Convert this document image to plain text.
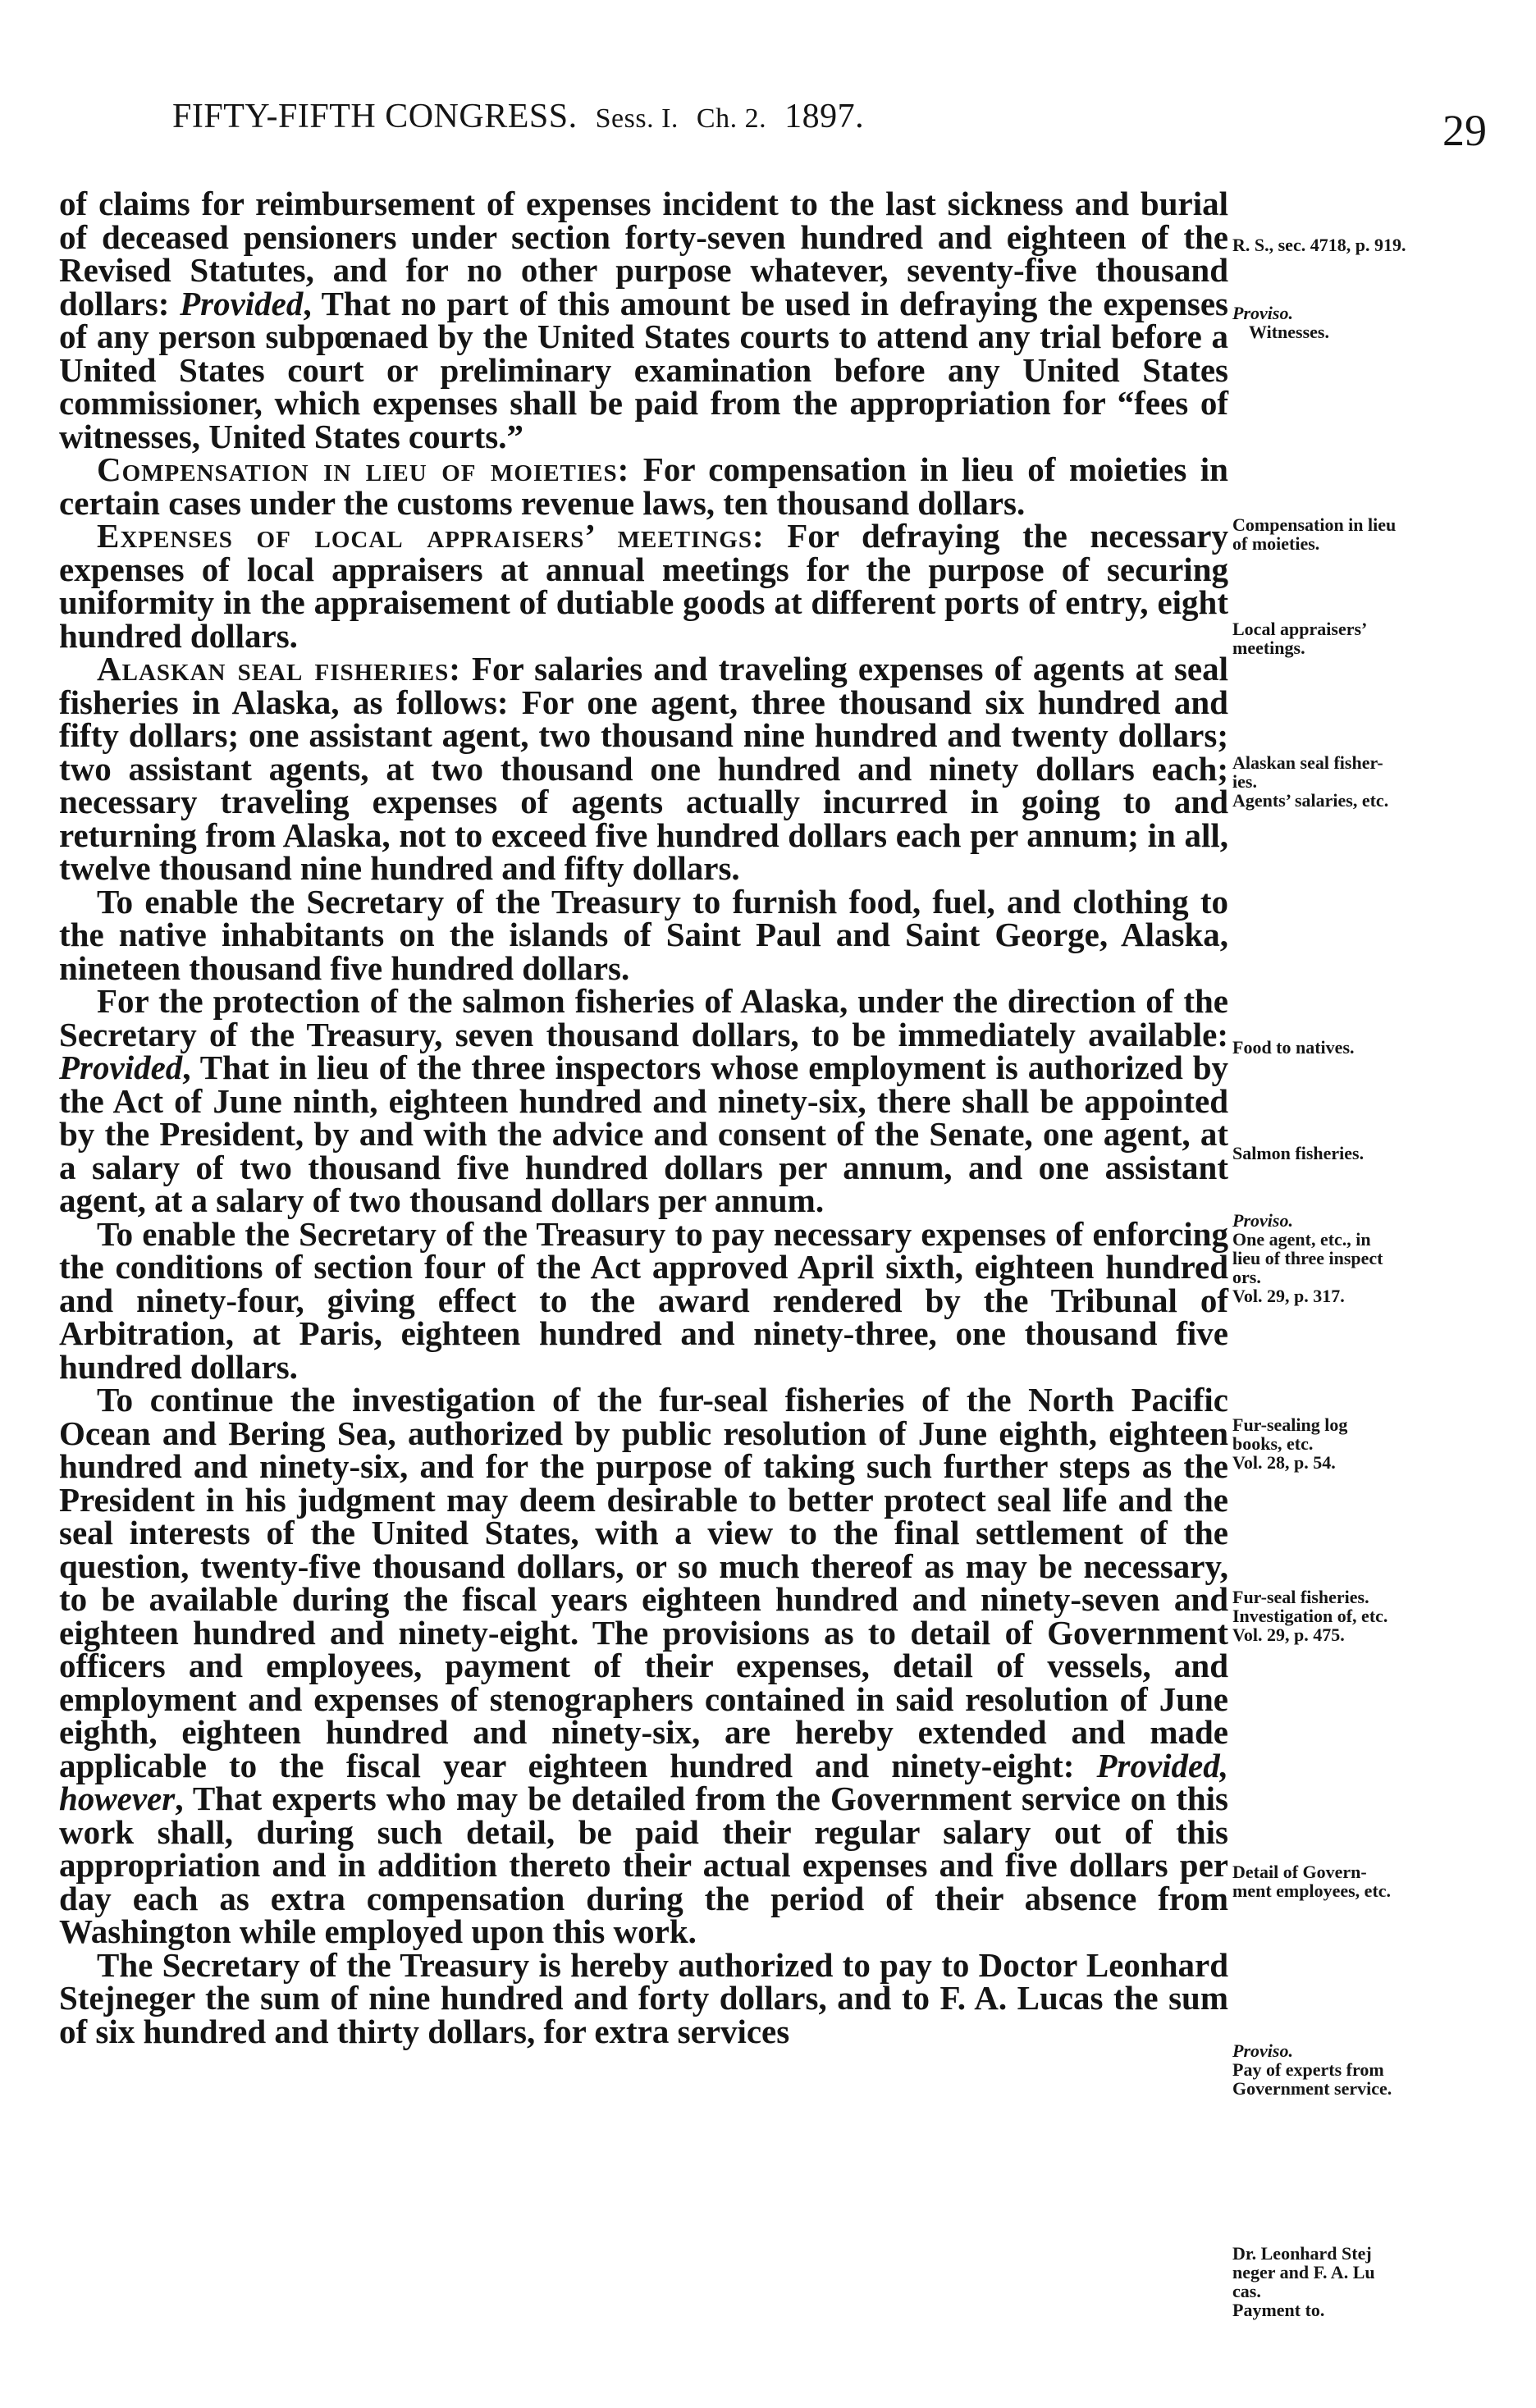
FIFTY-FIFTH CONGRESS. Sess. I. Ch. 2. 1897.	29

of claims for reimbursement of expenses incident to the last sickness and burial of deceased pensioners under section forty-seven hundred and eighteen of the Revised Statutes, and for no other purpose whatever, seventy-five thousand dollars: Provided, That no part of this amount be used in defraying the expenses of any person subpœnaed by the United States courts to attend any trial before a United States court or preliminary examination before any United States commissioner, which expenses shall be paid from the appropriation for “fees of witnesses, United States courts.”

Compensation in lieu of moieties: For compensation in lieu of moieties in certain cases under the customs revenue laws, ten thousand dollars.

Expenses of local appraisers’ meetings: For defraying the necessary expenses of local appraisers at annual meetings for the purpose of securing uniformity in the appraisement of dutiable goods at different ports of entry, eight hundred dollars.

Alaskan seal fisheries: For salaries and traveling expenses of agents at seal fisheries in Alaska, as follows: For one agent, three thousand six hundred and fifty dollars; one assistant agent, two thousand nine hundred and twenty dollars; two assistant agents, at two thousand one hundred and ninety dollars each; necessary traveling expenses of agents actually incurred in going to and returning from Alaska, not to exceed five hundred dollars each per annum; in all, twelve thousand nine hundred and fifty dollars.

To enable the Secretary of the Treasury to furnish food, fuel, and clothing to the native inhabitants on the islands of Saint Paul and Saint George, Alaska, nineteen thousand five hundred dollars.

For the protection of the salmon fisheries of Alaska, under the direction of the Secretary of the Treasury, seven thousand dollars, to be immediately available: Provided, That in lieu of the three inspectors whose employment is authorized by the Act of June ninth, eighteen hundred and ninety-six, there shall be appointed by the President, by and with the advice and consent of the Senate, one agent, at a salary of two thousand five hundred dollars per annum, and one assistant agent, at a salary of two thousand dollars per annum.

To enable the Secretary of the Treasury to pay necessary expenses of enforcing the conditions of section four of the Act approved April sixth, eighteen hundred and ninety-four, giving effect to the award rendered by the Tribunal of Arbitration, at Paris, eighteen hundred and ninety-three, one thousand five hundred dollars.

To continue the investigation of the fur-seal fisheries of the North Pacific Ocean and Bering Sea, authorized by public resolution of June eighth, eighteen hundred and ninety-six, and for the purpose of taking such further steps as the President in his judgment may deem desirable to better protect seal life and the seal interests of the United States, with a view to the final settlement of the question, twenty-five thousand dollars, or so much thereof as may be necessary, to be available during the fiscal years eighteen hundred and ninety-seven and eighteen hundred and ninety-eight. The provisions as to detail of Government officers and employees, payment of their expenses, detail of vessels, and employment and expenses of stenographers contained in said resolution of June eighth, eighteen hundred and ninety-six, are hereby extended and made applicable to the fiscal year eighteen hundred and ninety-eight: Provided, however, That experts who may be detailed from the Government service on this work shall, during such detail, be paid their regular salary out of this appropriation and in addition thereto their actual expenses and five dollars per day each as extra compensation during the period of their absence from Washington while employed upon this work.

The Secretary of the Treasury is hereby authorized to pay to Doctor Leonhard Stejneger the sum of nine hundred and forty dollars, and to F. A. Lucas the sum of six hundred and thirty dollars, for extra services

R. S., sec. 4718, p. 919.
Proviso.
Witnesses.
Compensation in lieu
of moieties.
Local appraisers’
meetings.
Alaskan seal fisher-
ies.
Agents’ salaries, etc.
Food to natives.
Salmon fisheries.
Proviso.
One agent, etc., in
lieu of three inspect
ors.
Vol. 29, p. 317.
Fur-sealing log
books, etc.
Vol. 28, p. 54.
Fur-seal fisheries.
Investigation of, etc.
Vol. 29, p. 475.
Detail of Govern-
ment employees, etc.
Proviso.
Pay of experts from
Government service.
Dr. Leonhard Stej
neger and F. A. Lu
cas.
Payment to.
